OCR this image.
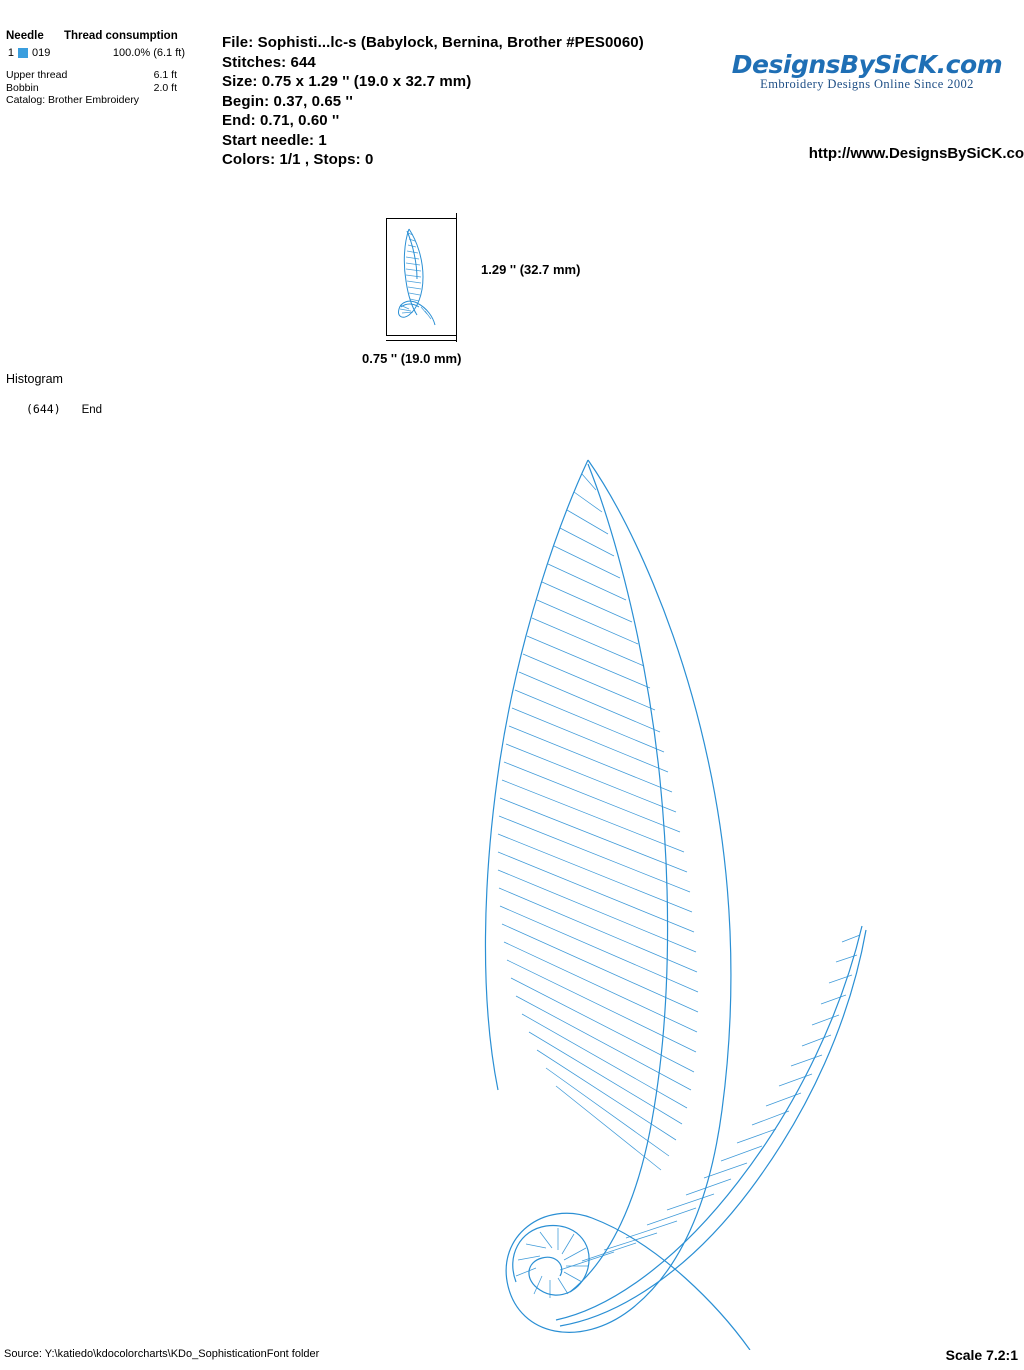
Needle	Thread consumption
1 019	100.0% (6.1 ft)
Upper thread	6.1 ft
Bobbin	2.0 ft
Catalog: Brother Embroidery
File: Sophisti...lc-s (Babylock, Bernina, Brother #PES0060)
Stitches: 644
Size: 0.75 x 1.29 '' (19.0 x 32.7 mm)
Begin: 0.37, 0.65 ''
End: 0.71, 0.60 ''
Start needle: 1
Colors: 1/1 , Stops: 0
DesignsBySiCK.com
Embroidery Designs Online Since 2002
http://www.DesignsBySiCK.co
1.29 '' (32.7 mm)
0.75 '' (19.0 mm)
Histogram
(644) End
Source: Y:\katiedo\kdocolorcharts\KDo_SophisticationFont folder	Scale 7.2:1
